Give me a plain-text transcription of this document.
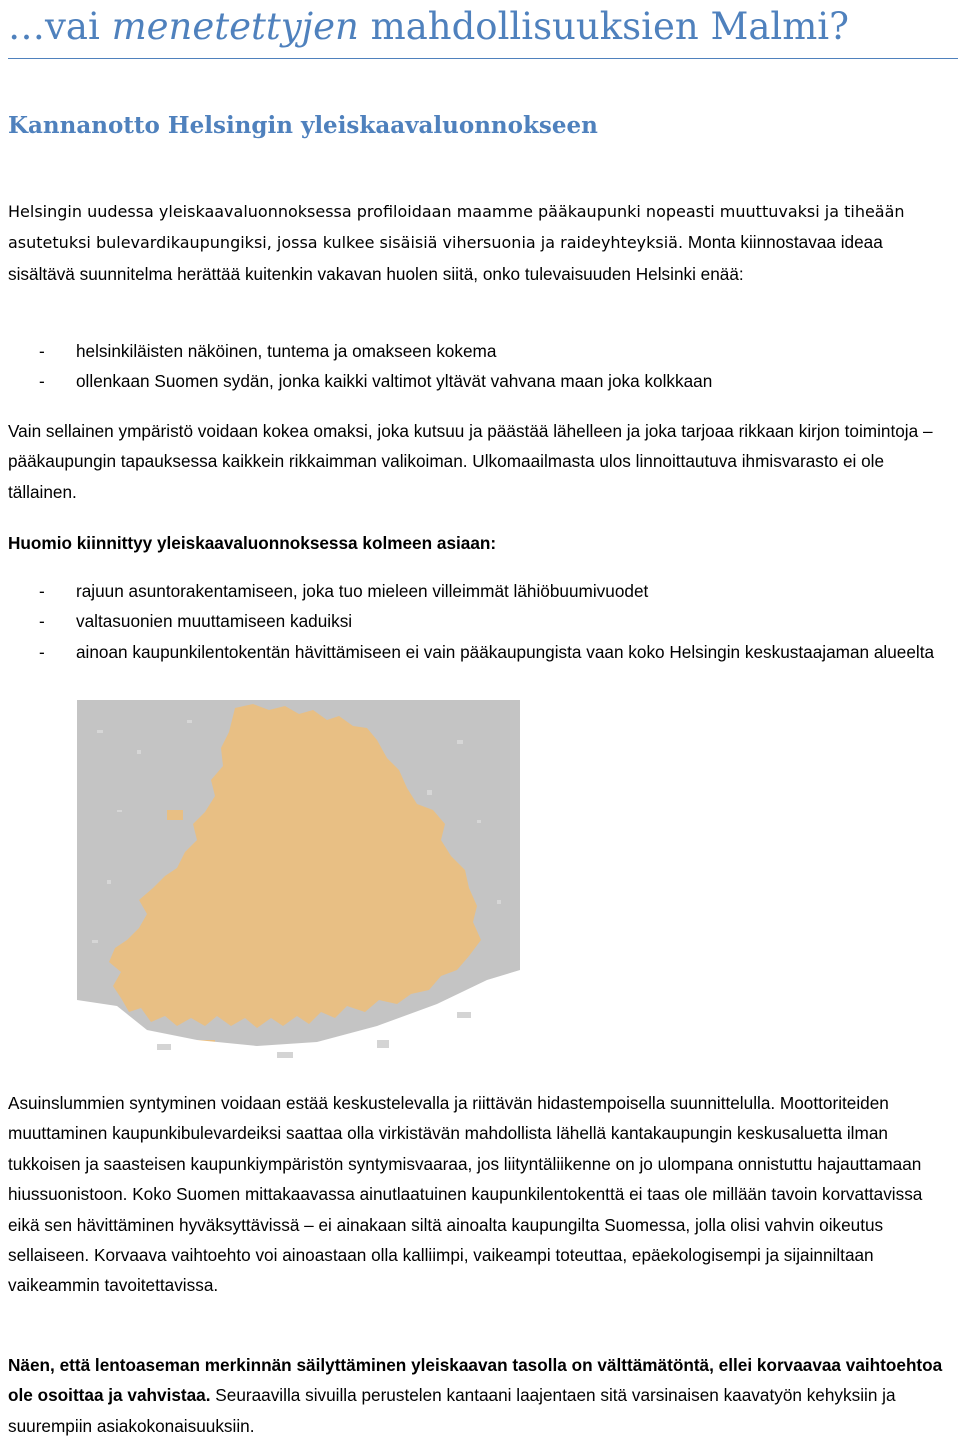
…vai menetettyjen mahdollisuuksien Malmi?
Kannanotto Helsingin yleiskaavaluonnokseen

Helsingin uudessa yleiskaavaluonnoksessa profiloidaan maamme pääkaupunki nopeasti muuttuvaksi ja tiheään asutetuksi bulevardikaupungiksi, jossa kulkee sisäisiä vihersuonia ja raideyhteyksiä. Monta kiinnostavaa ideaa sisältävä suunnitelma herättää kuitenkin vakavan huolen siitä, onko tulevaisuuden Helsinki enää:

- helsinkiläisten näköinen, tuntema ja omakseen kokema
- ollenkaan Suomen sydän, jonka kaikki valtimot yltävät vahvana maan joka kolkkaan

Vain sellainen ympäristö voidaan kokea omaksi, joka kutsuu ja päästää lähelleen ja joka tarjoaa rikkaan kirjon toimintoja – pääkaupungin tapauksessa kaikkein rikkaimman valikoiman. Ulkomaailmasta ulos linnoittautuva ihmisvarasto ei ole tällainen.

Huomio kiinnittyy yleiskaavaluonnoksessa kolmeen asiaan:
- rajuun asuntorakentamiseen, joka tuo mieleen villeimmät lähiöbuumivuodet
- valtasuonien muuttamiseen kaduiksi
- ainoan kaupunkilentokentän hävittämiseen ei vain pääkaupungista vaan koko Helsingin keskustaajaman alueelta

Asuinslummien syntyminen voidaan estää keskustelevalla ja riittävän hidastempoisella suunnittelulla. Moottoriteiden muuttaminen kaupunkibulevardeiksi saattaa olla virkistävän mahdollista lähellä kantakaupungin keskusaluetta ilman tukkoisen ja saasteisen kaupunkiympäristön syntymisvaaraa, jos liityntäliikenne on jo ulompana onnistuttu hajauttamaan hiussuonistoon. Koko Suomen mittakaavassa ainutlaatuinen kaupunkilentokenttä ei taas ole millään tavoin korvattavissa eikä sen hävittäminen hyväksyttävissä – ei ainakaan siltä ainoalta kaupungilta Suomessa, jolla olisi vahvin oikeutus sellaiseen. Korvaava vaihtoehto voi ainoastaan olla kalliimpi, vaikeampi toteuttaa, epäekologisempi ja sijainniltaan vaikeammin tavoitettavissa.

Näen, että lentoaseman merkinnän säilyttäminen yleiskaavan tasolla on välttämätöntä, ellei korvaavaa vaihtoehtoa ole osoittaa ja vahvistaa. Seuraavilla sivuilla perustelen kantaani laajentaen sitä varsinaisen kaavatyön kehyksiin ja suurempiin asiakokonaisuuksiin.
